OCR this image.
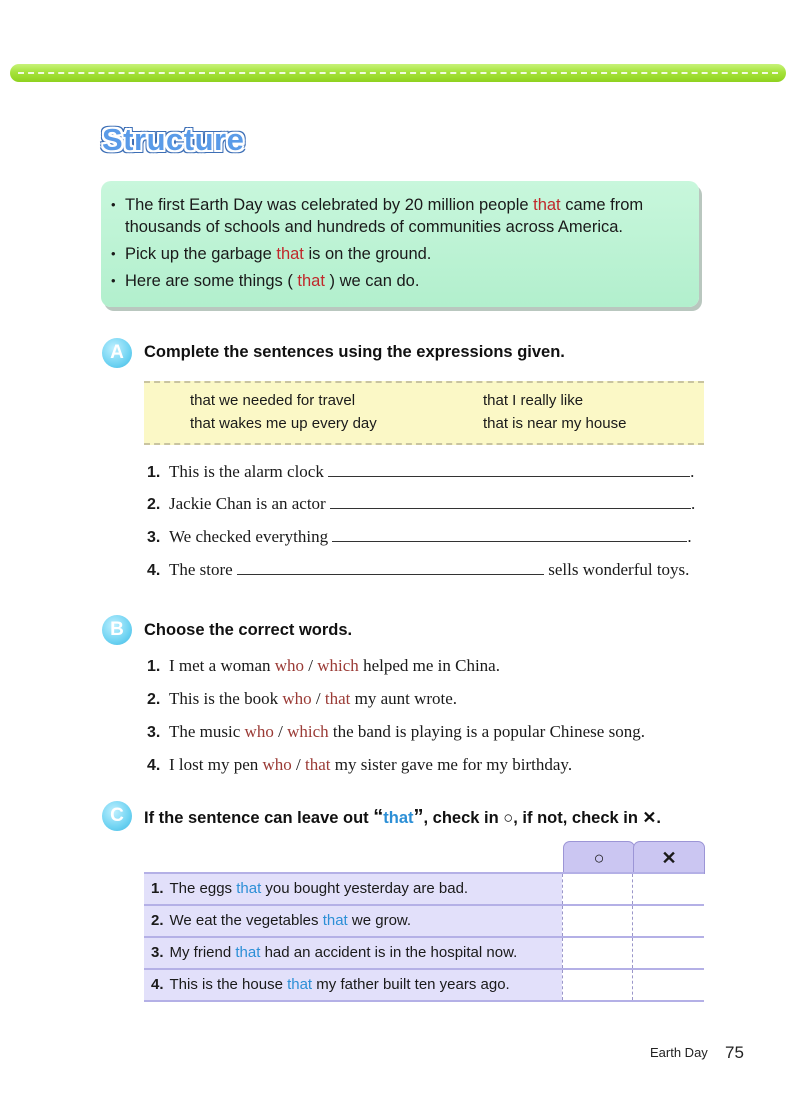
Structure
• The first Earth Day was celebrated by 20 million people that came from thousands of schools and hundreds of communities across America.
• Pick up the garbage that is on the ground.
• Here are some things ( that ) we can do.
A	Complete the sentences using the expressions given.
that we needed for travel	that I really like
that wakes me up every day	that is near my house
1. This is the alarm clock	.
2. Jackie Chan is an actor	.
3. We checked everything	.
4. The store	sells wonderful toys.
B	Choose the correct words.
1. I met a woman who / which helped me in China.
2. This is the book who / that my aunt wrote.
3. The music who / which the band is playing is a popular Chinese song.
4. I lost my pen who / that my sister gave me for my birthday.
C	If the sentence can leave out “that”, check in ○, if not, check in ✕.
○	✕
1. The eggs that you bought yesterday are bad.
2. We eat the vegetables that we grow.
3. My friend that had an accident is in the hospital now.
4. This is the house that my father built ten years ago.
Earth Day 75
